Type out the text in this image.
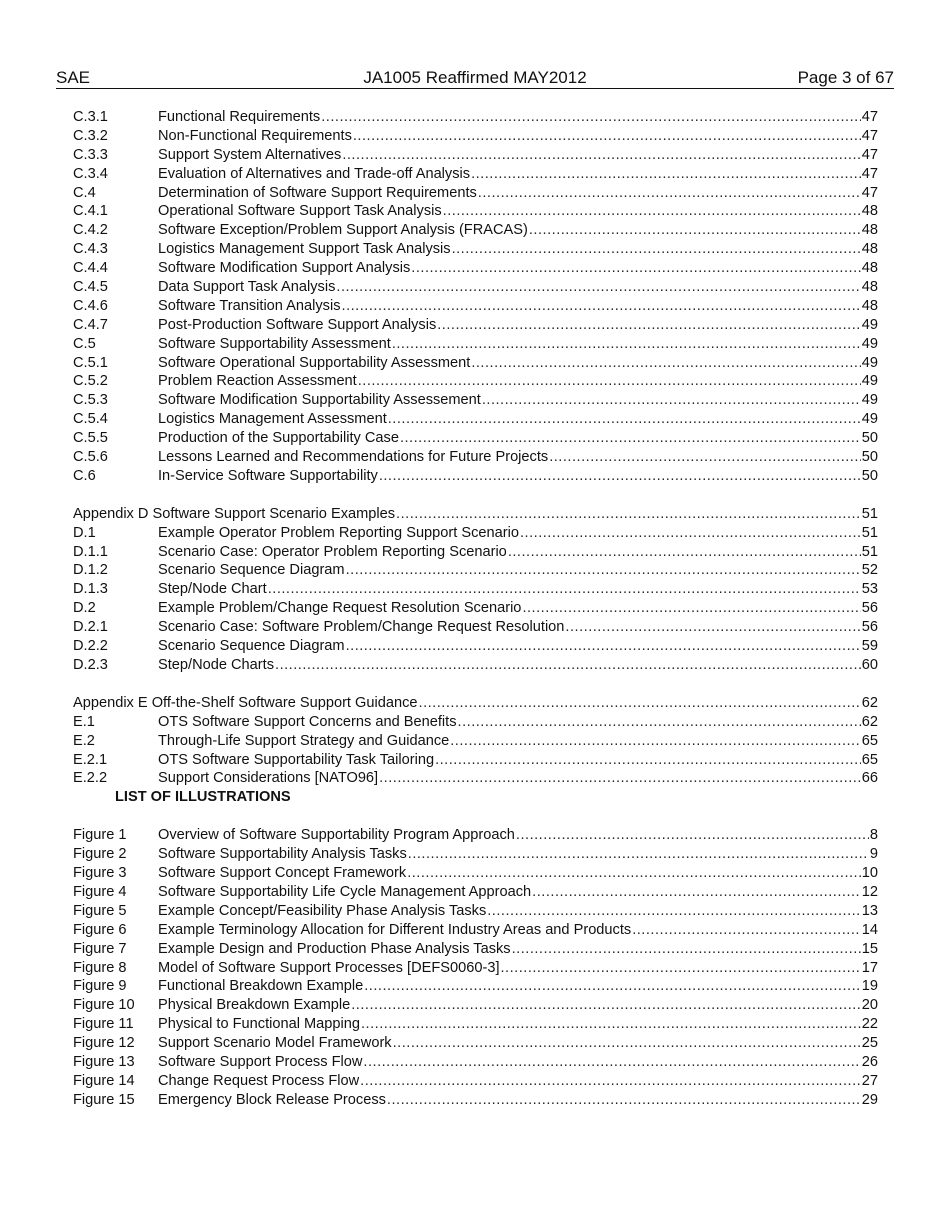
SAE	JA1005 Reaffirmed MAY2012	Page 3 of 67
C.3.1	Functional Requirements .....	47
C.3.2	Non-Functional Requirements .....	47
C.3.3	Support System Alternatives .....	47
C.3.4	Evaluation of Alternatives and Trade-off Analysis .....	47
C.4	Determination of Software Support Requirements .....	47
C.4.1	Operational Software Support Task Analysis .....	48
C.4.2	Software Exception/Problem Support Analysis (FRACAS) .....	48
C.4.3	Logistics Management Support Task Analysis .....	48
C.4.4	Software Modification Support Analysis .....	48
C.4.5	Data Support Task Analysis .....	48
C.4.6	Software Transition Analysis .....	48
C.4.7	Post-Production Software Support Analysis .....	49
C.5	Software Supportability Assessment .....	49
C.5.1	Software Operational Supportability Assessment .....	49
C.5.2	Problem Reaction Assessment .....	49
C.5.3	Software Modification Supportability Assessement .....	49
C.5.4	Logistics Management Assessment .....	49
C.5.5	Production of the Supportability Case .....	50
C.5.6	Lessons Learned and Recommendations for Future Projects .....	50
C.6	In-Service Software Supportability .....	50
Appendix D Software Support Scenario Examples .....	51
D.1	Example Operator Problem Reporting Support Scenario .....	51
D.1.1	Scenario Case: Operator Problem Reporting Scenario .....	51
D.1.2	Scenario Sequence Diagram .....	52
D.1.3	Step/Node Chart .....	53
D.2	Example Problem/Change Request Resolution Scenario .....	56
D.2.1	Scenario Case: Software Problem/Change Request Resolution .....	56
D.2.2	Scenario Sequence Diagram .....	59
D.2.3	Step/Node Charts .....	60
Appendix E Off-the-Shelf Software Support Guidance .....	62
E.1	OTS Software Support Concerns and Benefits .....	62
E.2	Through-Life Support Strategy and Guidance .....	65
E.2.1	OTS Software Supportability Task Tailoring .....	65
E.2.2	Support Considerations [NATO96] .....	66
LIST OF ILLUSTRATIONS
Figure 1 Overview of Software Supportability Program Approach .....	8
Figure 2 Software Supportability Analysis Tasks .....	9
Figure 3 Software Support Concept Framework .....	10
Figure 4 Software Supportability Life Cycle Management Approach .....	12
Figure 5 Example Concept/Feasibility Phase Analysis Tasks .....	13
Figure 6 Example Terminology Allocation for Different Industry Areas and Products .....	14
Figure 7 Example Design and Production Phase Analysis Tasks .....	15
Figure 8 Model of Software Support Processes [DEFS0060-3] .....	17
Figure 9 Functional Breakdown Example .....	19
Figure 10 Physical Breakdown Example .....	20
Figure 11 Physical to Functional Mapping .....	22
Figure 12 Support Scenario Model Framework .....	25
Figure 13 Software Support Process Flow .....	26
Figure 14 Change Request Process Flow .....	27
Figure 15 Emergency Block Release Process .....	29
